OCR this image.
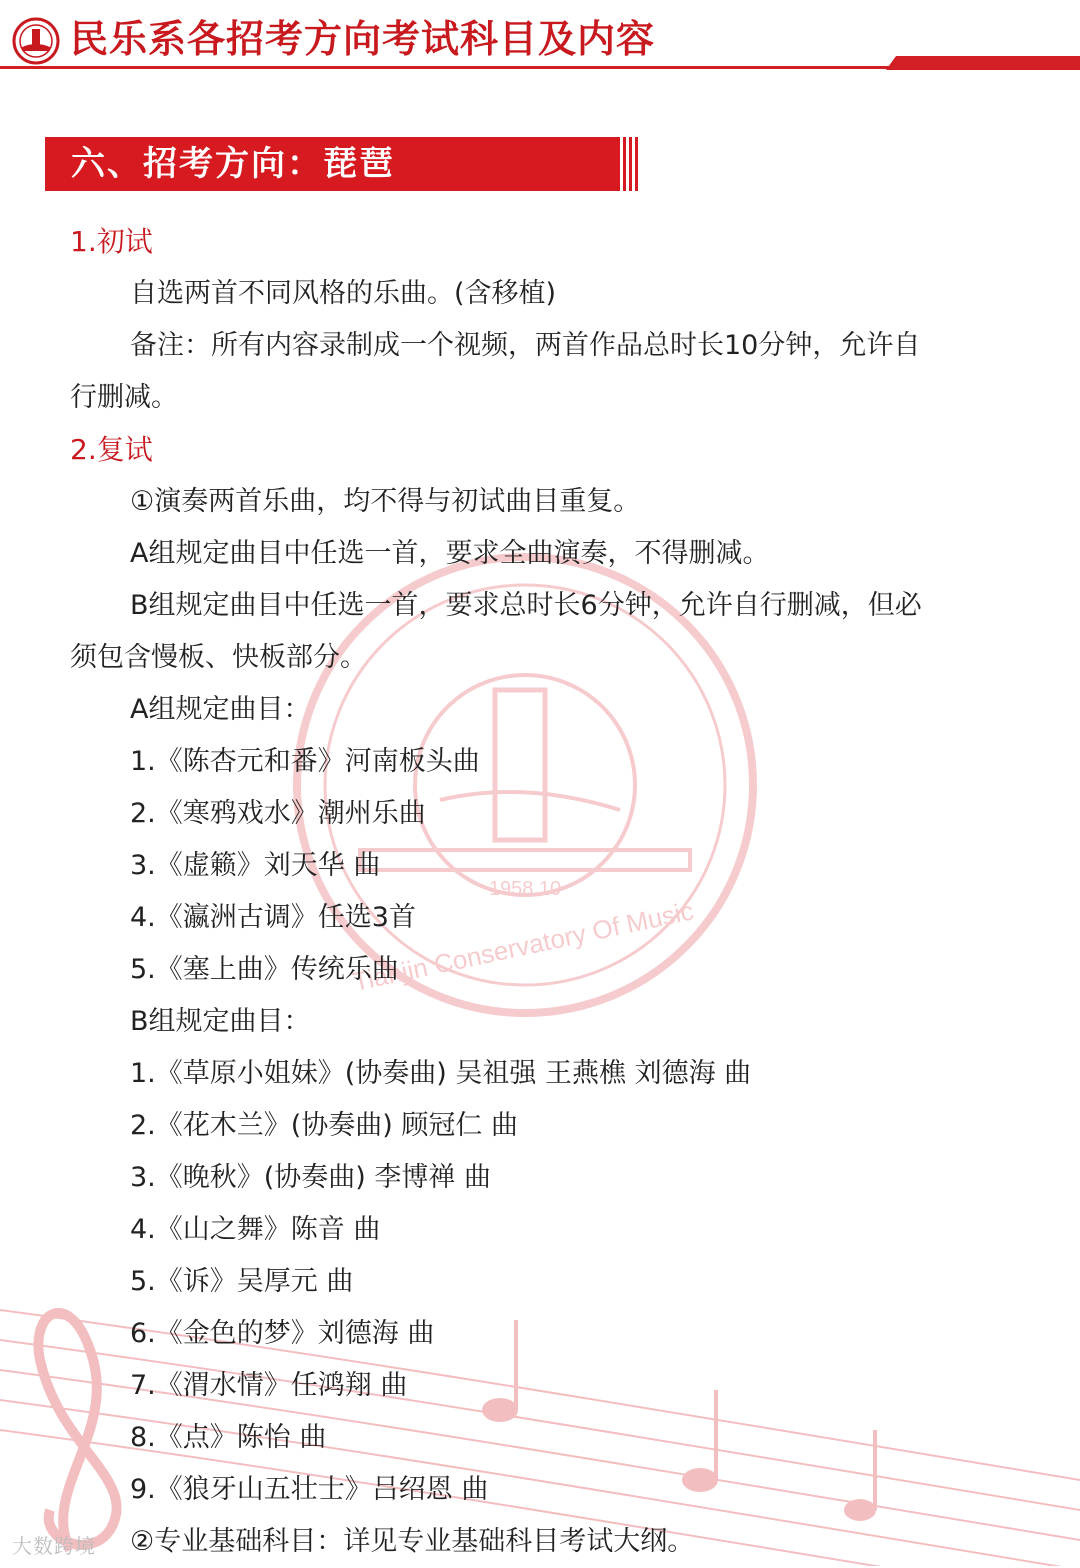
民乐系各招考方向考试科目及内容
1958.10
Tianjin Conservatory Of Music
六、招考方向：琵琶
1.初试
自选两首不同风格的乐曲。(含移植)
备注：所有内容录制成一个视频，两首作品总时长10分钟，允许自
行删减。
2.复试
①演奏两首乐曲，均不得与初试曲目重复。
A组规定曲目中任选一首，要求全曲演奏，不得删减。
B组规定曲目中任选一首，要求总时长6分钟，允许自行删减，但必
须包含慢板、快板部分。
A组规定曲目：
1.《陈杏元和番》河南板头曲
2.《寒鸦戏水》潮州乐曲
3.《虚籁》刘天华 曲
4.《瀛洲古调》任选3首
5.《塞上曲》传统乐曲
B组规定曲目：
1.《草原小姐妹》(协奏曲) 吴祖强 王燕樵 刘德海 曲
2.《花木兰》(协奏曲) 顾冠仁 曲
3.《晚秋》(协奏曲) 李博禅 曲
4.《山之舞》陈音 曲
5.《诉》吴厚元 曲
6.《金色的梦》刘德海 曲
7.《渭水情》任鸿翔 曲
8.《点》陈怡 曲
9.《狼牙山五壮士》吕绍恩 曲
②专业基础科目：详见专业基础科目考试大纲。
大数跨境
